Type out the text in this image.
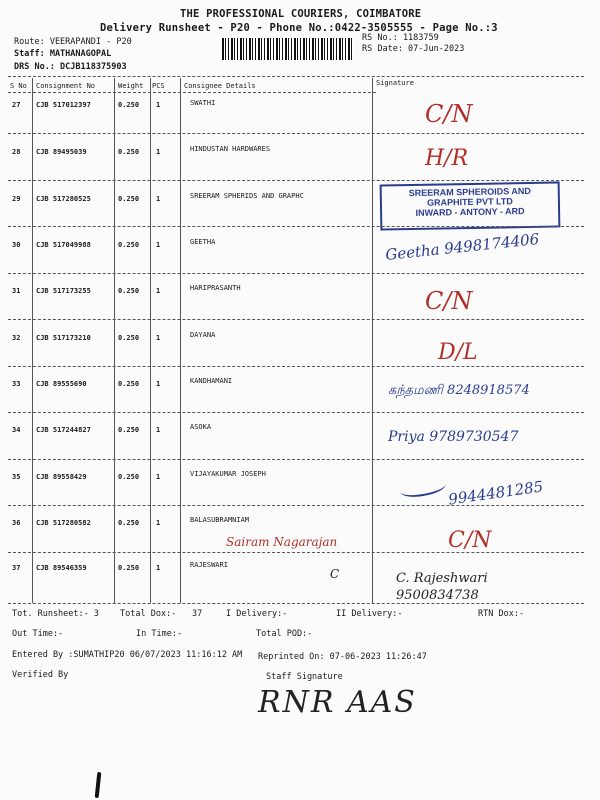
THE PROFESSIONAL COURIERS, COIMBATORE
Delivery Runsheet - P20 - Phone No.:0422-3505555 - Page No.:3
Route: VEERAPANDI - P20
Staff: MATHANAGOPAL
DRS No.: DCJB118375903
RS No.: 1183759
RS Date: 07-Jun-2023
S No Consignment No	Weight PCS	Consignee Details	Signature
27 CJB 517012397	0.250 1	SWATHI	C/N
28 CJB 89495039	0.250 1	HINDUSTAN HARDWARES	H/R
29 CJB 517280525	0.250 1	SREERAM SPHERIDS AND GRAPHC	SREERAM SPHEROIDS AND
GRAPHITE PVT LTD
INWARD - ANTONY - ARD
30 CJB 517049988	0.250 1	GEETHA	Geetha 9498174406
31 CJB 517173255	0.250 1	HARIPRASANTH	C/N
32 CJB 517173210	0.250 1	DAYANA
D/L
33 CJB 89555690	0.250 1	KANDHAMANI
கந்தமணி 8248918574
34 CJB 517244827	0.250 1	ASOKA
Priya 9789730547
35 CJB 89558429	0.250 1	VIJAYAKUMAR JOSEPH
9944481285
36 CJB 517280582	0.250 1	BALASUBRAMNIAM
Sairam Nagarajan	C/N
37 CJB 89546359	0.250 1	RAJESWARI
C	C. Rajeshwari 9500834738
Tot. Runsheet:- 3 Total Dox:- 37	I Delivery:-	II Delivery:-	RTN Dox:-
Out Time:-	In Time:-	Total POD:-
Entered By :SUMATHIP20 06/07/2023 11:16:12 AM Reprinted On: 07-06-2023 11:26:47
Verified By	Staff Signature
RNR AAS
